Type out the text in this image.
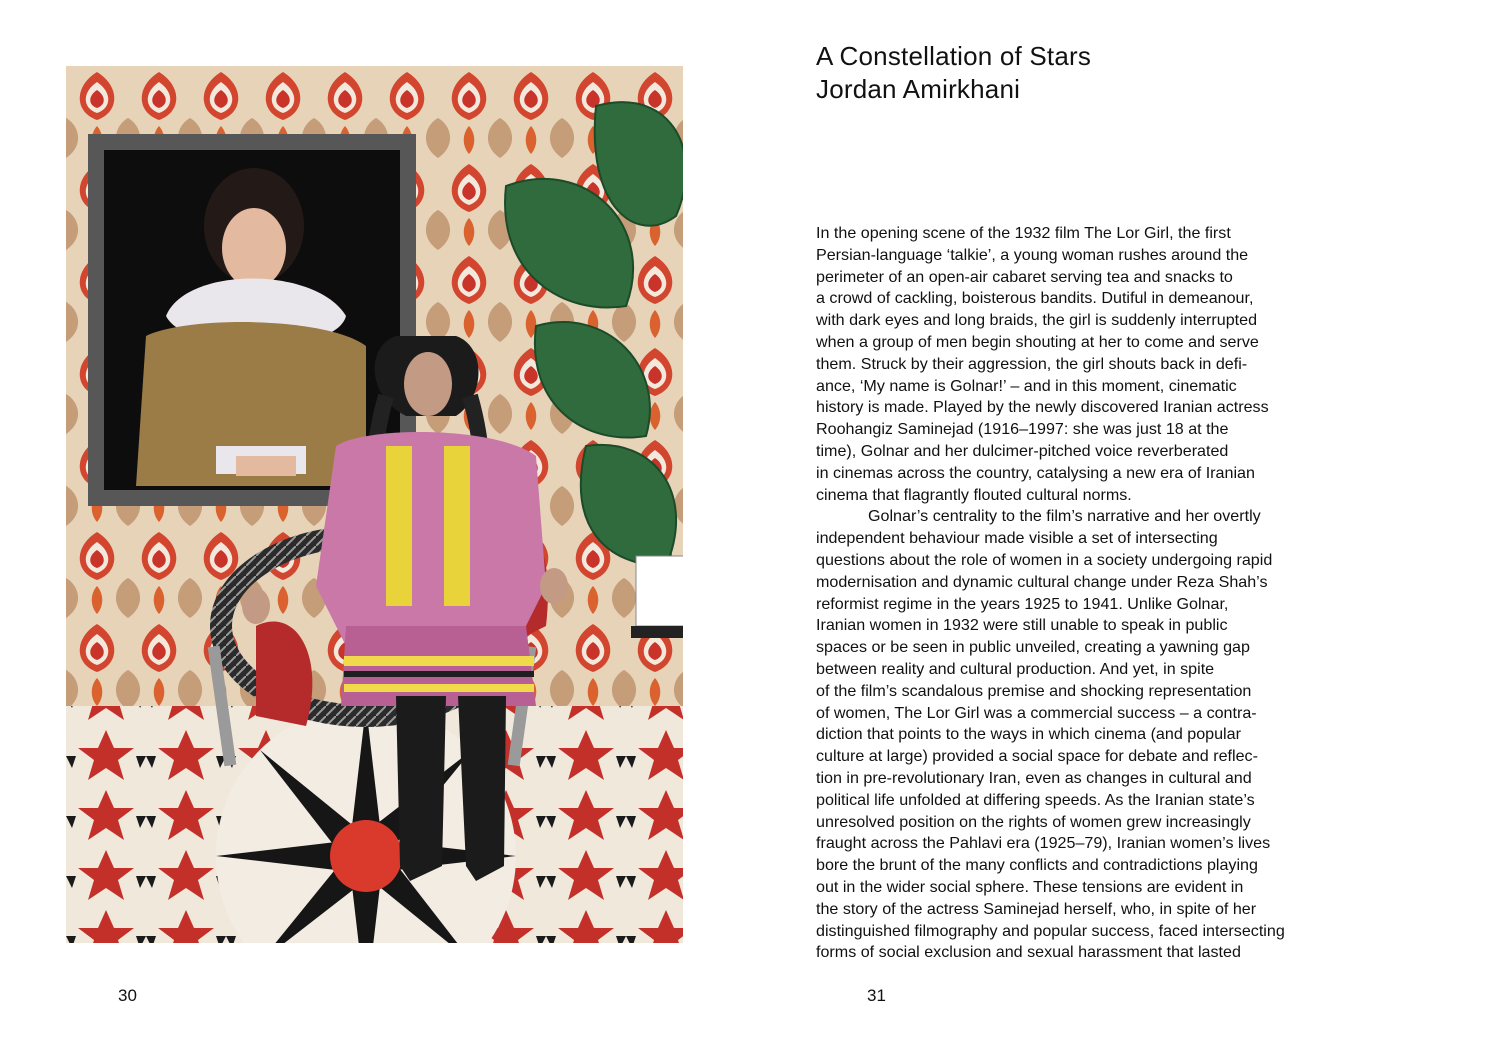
30
A Constellation of Stars
Jordan Amirkhani
In the opening scene of the 1932 film The Lor Girl, the first
Persian-language ‘talkie’, a young woman rushes around the
perimeter of an open-air cabaret serving tea and snacks to
a crowd of cackling, boisterous bandits. Dutiful in demeanour,
with dark eyes and long braids, the girl is suddenly interrupted
when a group of men begin shouting at her to come and serve
them. Struck by their aggression, the girl shouts back in defi-
ance, ‘My name is Golnar!’ – and in this moment, cinematic
history is made. Played by the newly discovered Iranian actress
Roohangiz Saminejad (1916–1997: she was just 18 at the
time), Golnar and her dulcimer-pitched voice reverberated
in cinemas across the country, catalysing a new era of Iranian
cinema that flagrantly flouted cultural norms.
Golnar’s centrality to the film’s narrative and her overtly
independent behaviour made visible a set of intersecting
questions about the role of women in a society undergoing rapid
modernisation and dynamic cultural change under Reza Shah’s
reformist regime in the years 1925 to 1941. Unlike Golnar,
Iranian women in 1932 were still unable to speak in public
spaces or be seen in public unveiled, creating a yawning gap
between reality and cultural production. And yet, in spite
of the film’s scandalous premise and shocking representation
of women, The Lor Girl was a commercial success – a contra-
diction that points to the ways in which cinema (and popular
culture at large) provided a social space for debate and reflec-
tion in pre-revolutionary Iran, even as changes in cultural and
political life unfolded at differing speeds. As the Iranian state’s
unresolved position on the rights of women grew increasingly
fraught across the Pahlavi era (1925–79), Iranian women’s lives
bore the brunt of the many conflicts and contradictions playing
out in the wider social sphere. These tensions are evident in
the story of the actress Saminejad herself, who, in spite of her
distinguished filmography and popular success, faced intersecting
forms of social exclusion and sexual harassment that lasted
31
